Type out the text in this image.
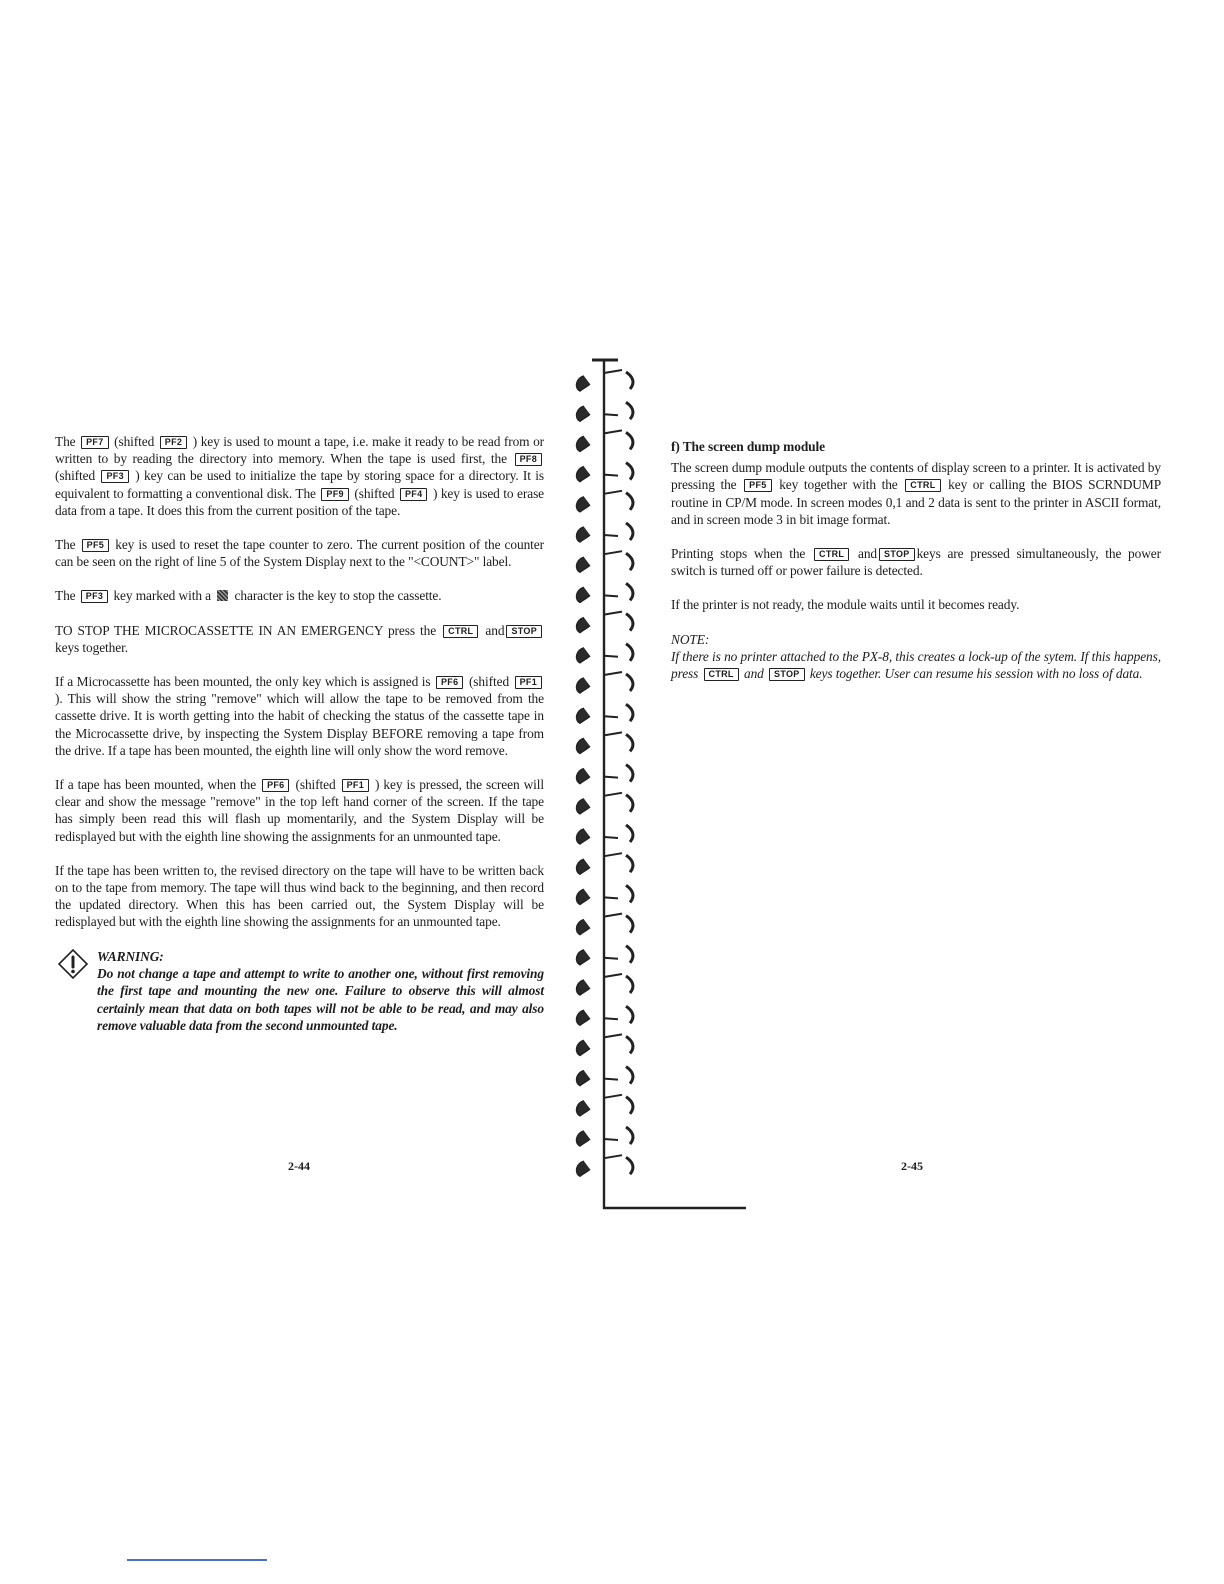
The PF7 (shifted PF2 ) key is used to mount a tape, i.e. make it ready to be read from or written to by reading the directory into memory. When the tape is used first, the PF8 (shifted PF3 ) key can be used to initialize the tape by storing space for a directory. It is equivalent to formatting a conventional disk. The PF9 (shifted PF4 ) key is used to erase data from a tape. It does this from the current position of the tape.

The PF5 key is used to reset the tape counter to zero. The current position of the counter can be seen on the right of line 5 of the System Display next to the "<COUNT>" label.

The PF3 key marked with a character is the key to stop the cassette.

TO STOP THE MICROCASSETTE IN AN EMERGENCY press the CTRL and STOPkeys together.

If a Microcassette has been mounted, the only key which is assigned is PF6 (shifted PF1). This will show the string "remove" which will allow the tape to be removed from the cassette drive. It is worth getting into the habit of checking the status of the cassette tape in the Microcassette drive, by inspecting the System Display BEFORE removing a tape from the drive. If a tape has been mounted, the eighth line will only show the word remove.

If a tape has been mounted, when the PF6 (shifted PF1 ) key is pressed, the screen will clear and show the message "remove" in the top left hand corner of the screen. If the tape has simply been read this will flash up momentarily, and the System Display will be redisplayed but with the eighth line showing the assignments for an unmounted tape.

If the tape has been written to, the revised directory on the tape will have to be written back on to the tape from memory. The tape will thus wind back to the beginning, and then record the updated directory. When this has been carried out, the System Display will be redisplayed but with the eighth line showing the assignments for an unmounted tape.

WARNING:
Do not change a tape and attempt to write to another one, without first removing the first tape and mounting the new one. Failure to observe this will almost certainly mean that data on both tapes will not be able to be read, and may also remove valuable data from the second unmounted tape.
2-44

f) The screen dump module

The screen dump module outputs the contents of display screen to a printer. It is activated by pressing the PF5 key together with the CTRL key or calling the BIOS SCRNDUMP routine in CP/M mode. In screen modes 0,1 and 2 data is sent to the printer in ASCII format, and in screen mode 3 in bit image format.

Printing stops when the CTRL and STOP keys are pressed simultaneously, the power switch is turned off or power failure is detected.

If the printer is not ready, the module waits until it becomes ready.

NOTE:

If there is no printer attached to the PX-8, this creates a lock-up of the sytem. If this happens, press CTRL and STOP keys together. User can resume his session with no loss of data.

2-45
